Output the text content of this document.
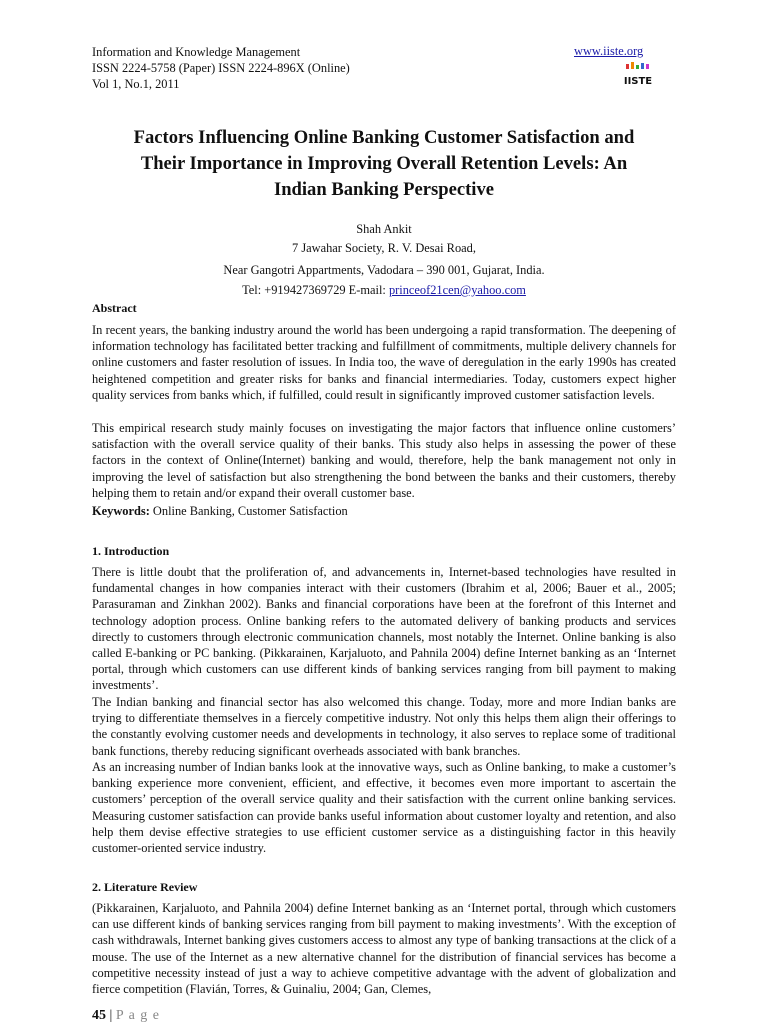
Information and Knowledge Management
ISSN 2224-5758 (Paper) ISSN 2224-896X (Online)
Vol 1, No.1, 2011
www.iiste.org
IISTE
Factors Influencing Online Banking Customer Satisfaction and
Their Importance in Improving Overall Retention Levels: An
Indian Banking Perspective
Shah Ankit
7 Jawahar Society, R. V. Desai Road,
Near Gangotri Appartments, Vadodara – 390 001, Gujarat, India.
Tel: +919427369729 E-mail: princeof21cen@yahoo.com
Abstract

In recent years, the banking industry around the world has been undergoing a rapid transformation. The deepening of information technology has facilitated better tracking and fulfillment of commitments, multiple delivery channels for online customers and faster resolution of issues. In India too, the wave of deregulation in the early 1990s has created heightened competition and greater risks for banks and financial intermediaries. Today, customers expect higher quality services from banks which, if fulfilled, could result in significantly improved customer satisfaction levels.

This empirical research study mainly focuses on investigating the major factors that influence online customers’ satisfaction with the overall service quality of their banks. This study also helps in assessing the power of these factors in the context of Online(Internet) banking and would, therefore, help the bank management not only in improving the level of satisfaction but also strengthening the bond between the banks and their customers, thereby helping them to retain and/or expand their overall customer base.

Keywords: Online Banking, Customer Satisfaction
1. Introduction

There is little doubt that the proliferation of, and advancements in, Internet-based technologies have resulted in fundamental changes in how companies interact with their customers (Ibrahim et al, 2006; Bauer et al., 2005; Parasuraman and Zinkhan 2002). Banks and financial corporations have been at the forefront of this Internet and technology adoption process. Online banking refers to the automated delivery of banking products and services directly to customers through electronic communication channels, most notably the Internet. Online banking is also called E-banking or PC banking. (Pikkarainen, Karjaluoto, and Pahnila 2004) define Internet banking as an ‘Internet portal, through which customers can use different kinds of banking services ranging from bill payment to making investments’.

The Indian banking and financial sector has also welcomed this change. Today, more and more Indian banks are trying to differentiate themselves in a fiercely competitive industry. Not only this helps them align their offerings to the constantly evolving customer needs and developments in technology, it also serves to replace some of traditional bank functions, thereby reducing significant overheads associated with bank branches.

As an increasing number of Indian banks look at the innovative ways, such as Online banking, to make a customer’s banking experience more convenient, efficient, and effective, it becomes even more important to ascertain the customers’ perception of the overall service quality and their satisfaction with the current online banking services. Measuring customer satisfaction can provide banks useful information about customer loyalty and retention, and also help them devise effective strategies to use efficient customer service as a distinguishing factor in this heavily customer-oriented service industry.

2. Literature Review

(Pikkarainen, Karjaluoto, and Pahnila 2004) define Internet banking as an ‘Internet portal, through which customers can use different kinds of banking services ranging from bill payment to making investments’. With the exception of cash withdrawals, Internet banking gives customers access to almost any type of banking transactions at the click of a mouse. The use of the Internet as a new alternative channel for the distribution of financial services has become a competitive necessity instead of just a way to achieve competitive advantage with the advent of globalization and fierce competition (Flavián, Torres, & Guinaliu, 2004; Gan, Clemes,

45 | P a g e
